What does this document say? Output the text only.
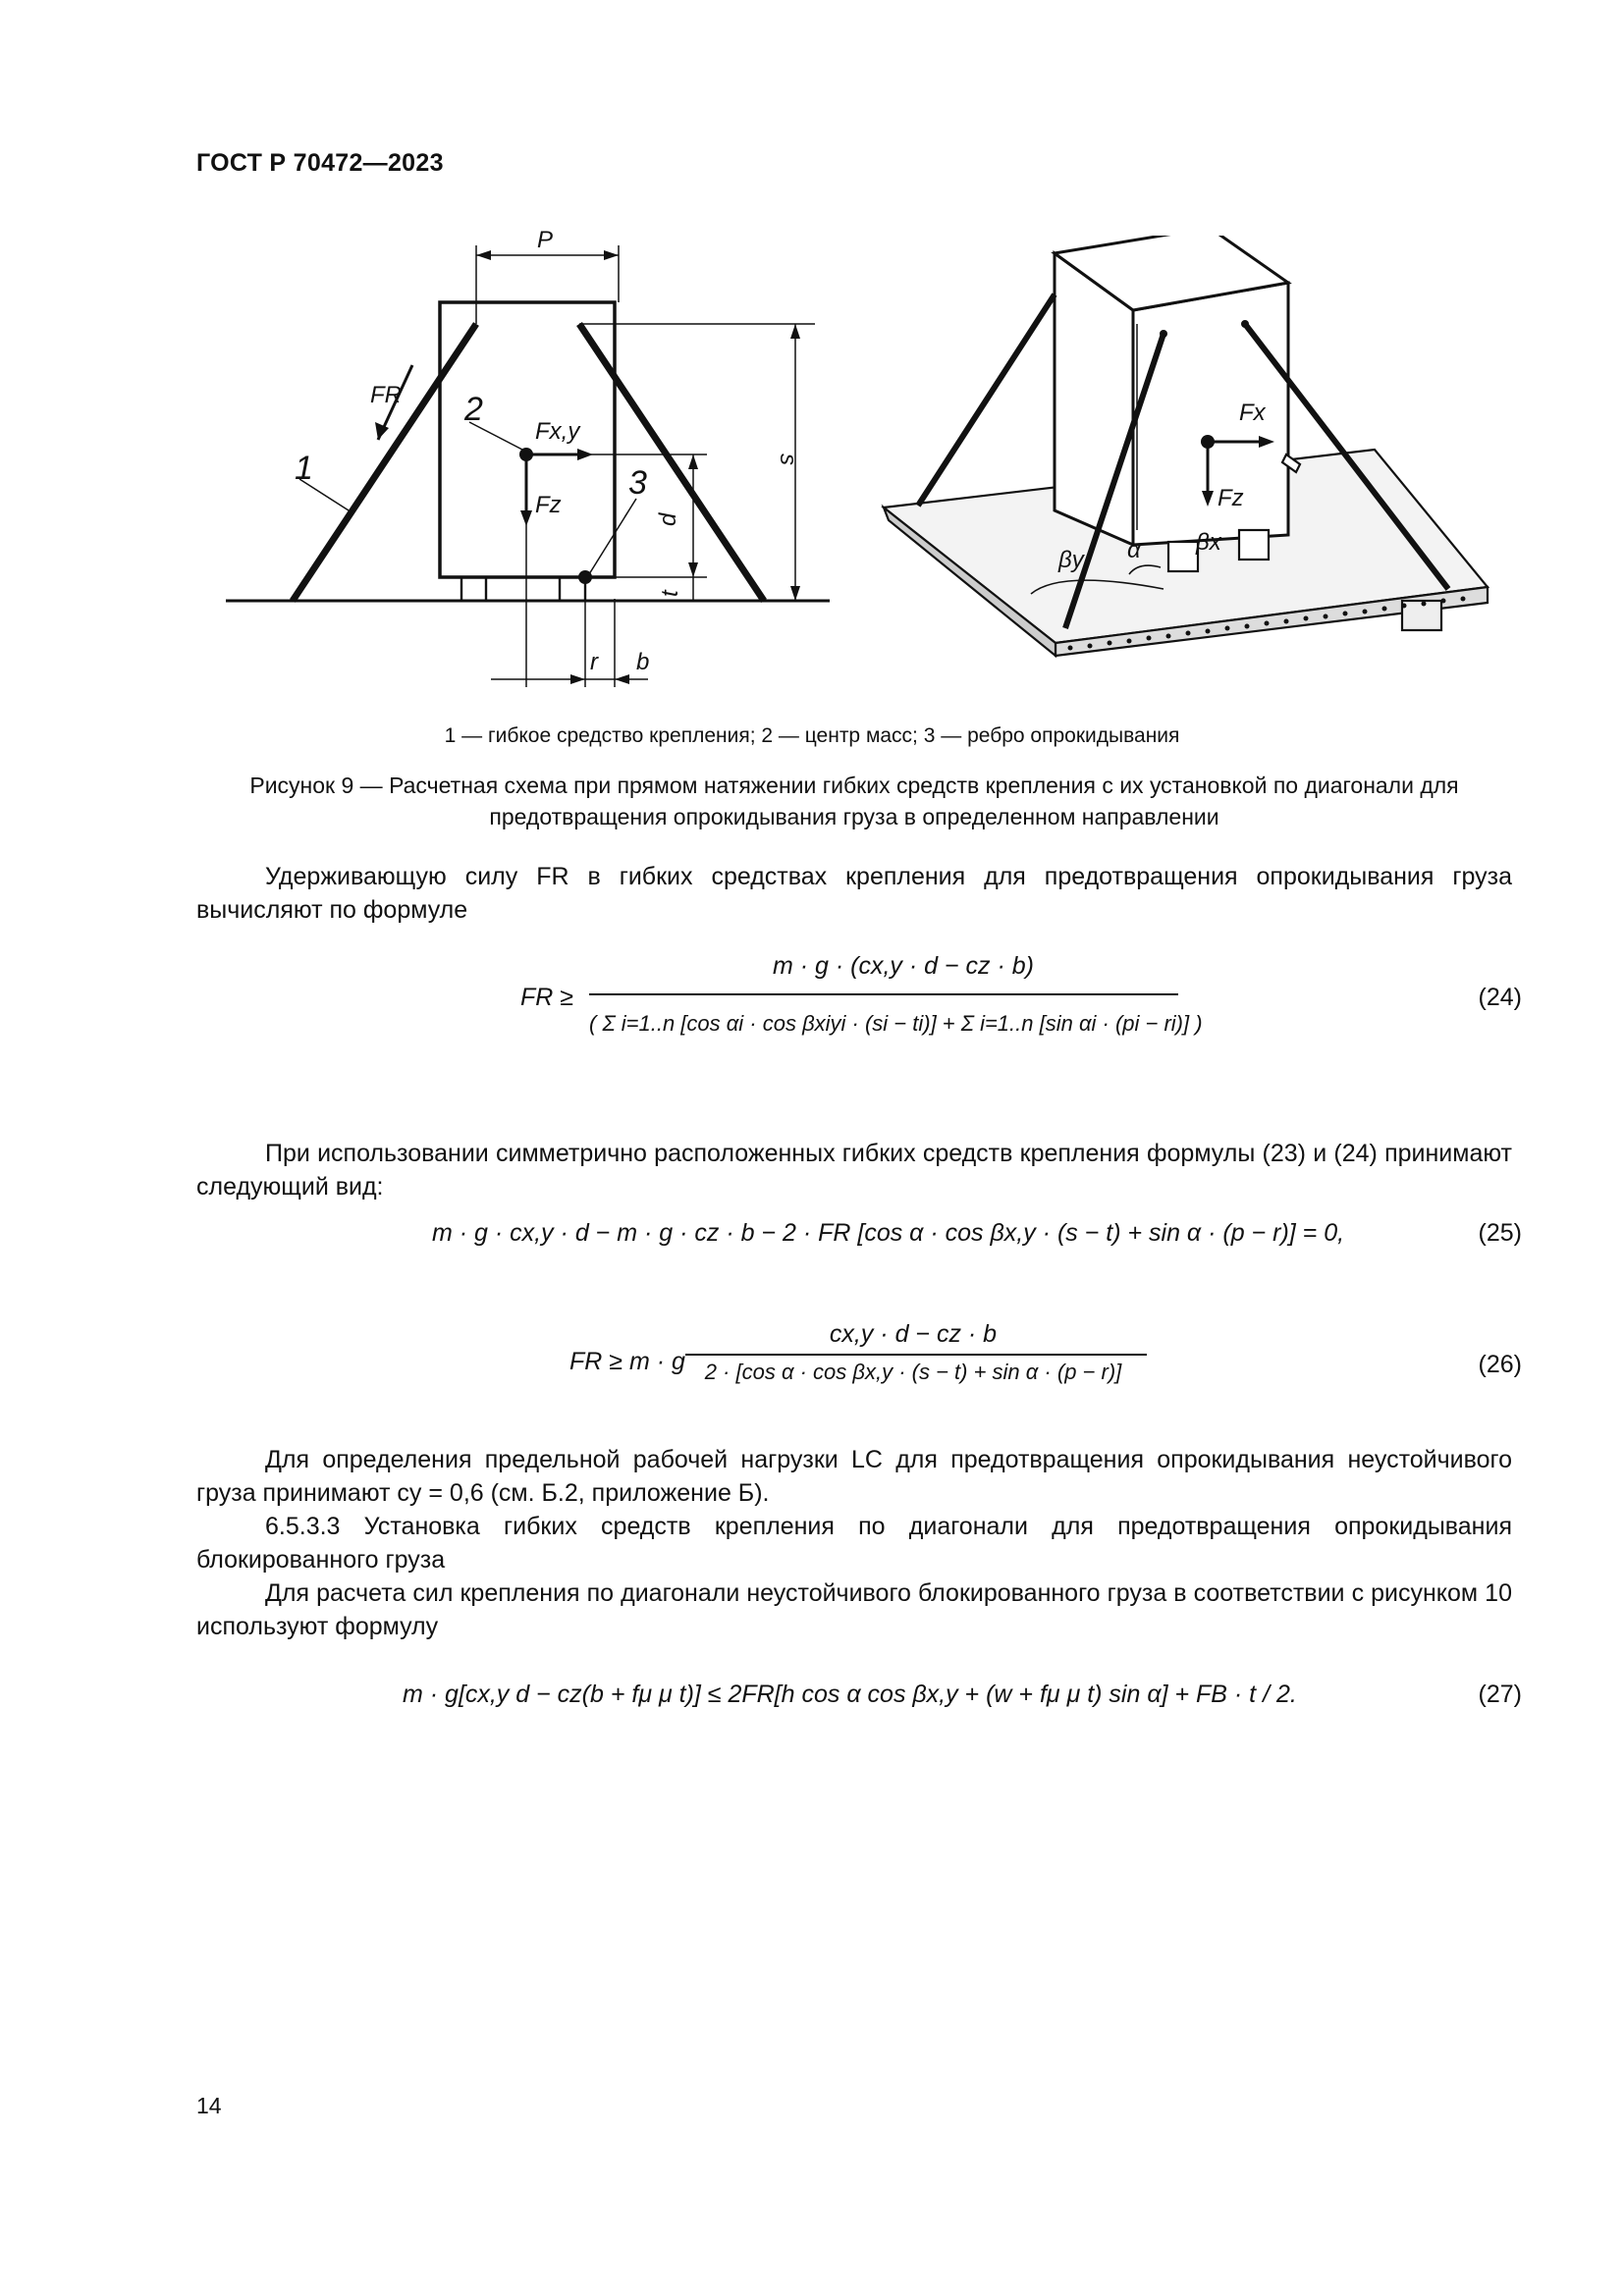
ГОСТ Р 70472—2023
P
FR
1
2
3
Fx,y
Fz
s
d
t
r b
Fx
Fz
βy α βx
1 — гибкое средство крепления; 2 — центр масс; 3 — ребро опрокидывания
Рисунок 9 — Расчетная схема при прямом натяжении гибких средств крепления с их установкой по диагонали для предотвращения опрокидывания груза в определенном направлении
Удерживающую силу FR в гибких средствах крепления для предотвращения опрокидывания груза вычисляют по формуле
FR ≥
m · g · (cx,y · d − cz · b)
( Σ i=1..n [cos αi · cos βxiyi · (si − ti)] + Σ i=1..n [sin αi · (pi − ri)] )
(24)
При использовании симметрично расположенных гибких средств крепления формулы (23) и (24) принимают следующий вид:
m · g · cx,y · d − m · g · cz · b − 2 · FR [cos α · cos βx,y · (s − t) + sin α · (p − r)] = 0,	(25)
FR ≥ m · g
cx,y · d − cz · b
2 · [cos α · cos βx,y · (s − t) + sin α · (p − r)]	(26)
Для определения предельной рабочей нагрузки LC для предотвращения опрокидывания неустойчивого груза принимают cy = 0,6 (см. Б.2, приложение Б).
6.5.3.3 Установка гибких средств крепления по диагонали для предотвращения опрокидывания блокированного груза
Для расчета сил крепления по диагонали неустойчивого блокированного груза в соответствии с рисунком 10 используют формулу
m · g[cx,y d − cz(b + fμ μ t)] ≤ 2FR[h cos α cos βx,y + (w + fμ μ t) sin α] + FB · t / 2.	(27)
14
